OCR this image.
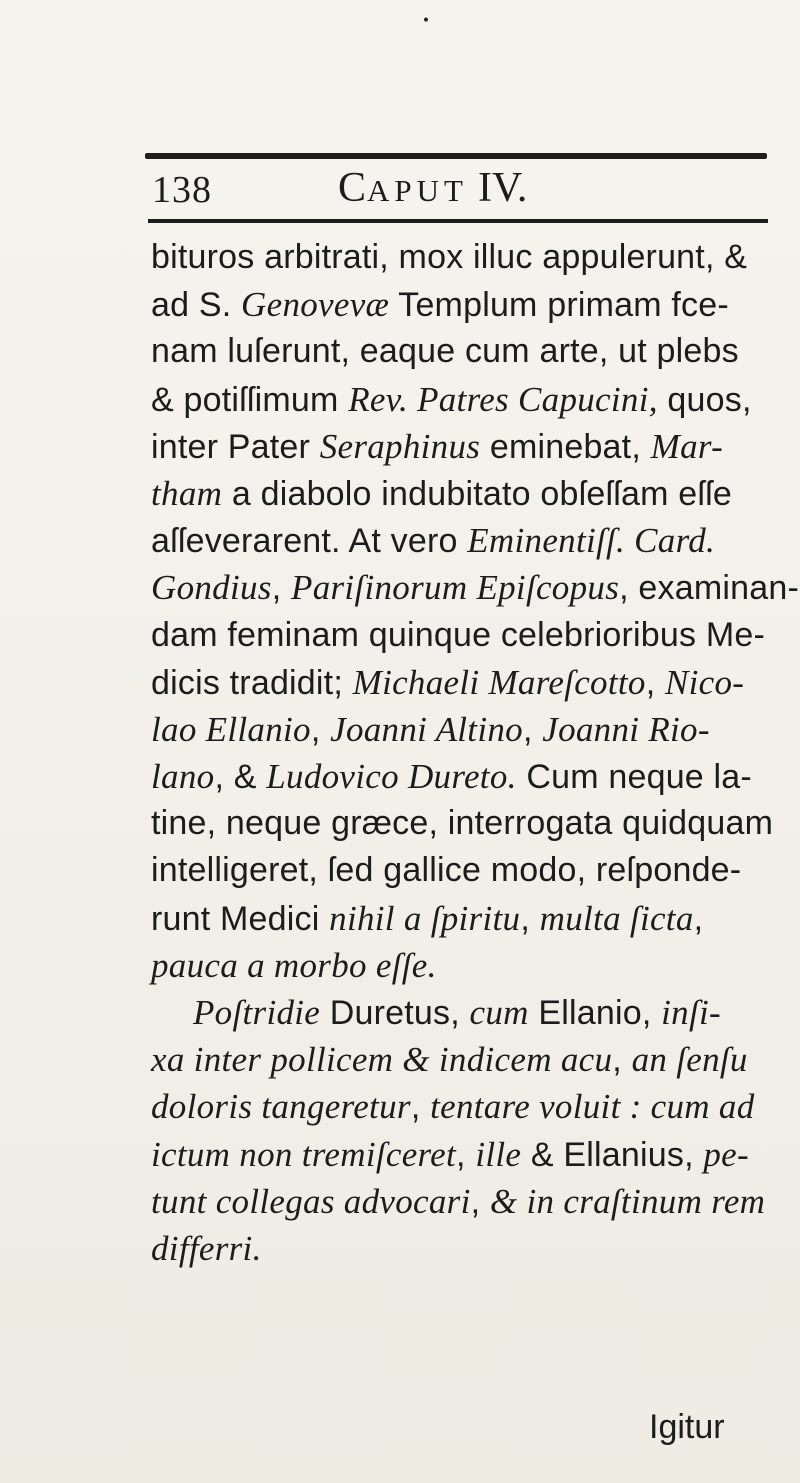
•
138	CAPUT IV.
bituros arbitrati, mox illuc appulerunt, &
ad S. Genovevæ Templum primam fce-
nam luſerunt, eaque cum arte, ut plebs
& potiſſimum Rev. Patres Capucini, quos,
inter Pater Seraphinus eminebat, Mar-
tham a diabolo indubitato obſeſſam eſſe
aſſeverarent. At vero Eminentiſſ. Card.
Gondius, Pariſinorum Epiſcopus, examinan-
dam feminam quinque celebrioribus Me-
dicis tradidit; Michaeli Mareſcotto, Nico-
lao Ellanio, Joanni Altino, Joanni Rio-
lano, & Ludovico Dureto. Cum neque la-
tine, neque græce, interrogata quidquam
intelligeret, ſed gallice modo, reſponde-
runt Medici nihil a ſpiritu, multa ſicta,
pauca a morbo eſſe.
Poſtridie Duretus, cum Ellanio, inſi-
xa inter pollicem & indicem acu, an ſenſu
doloris tangeretur, tentare voluit : cum ad
ictum non tremiſceret, ille & Ellanius, pe-
tunt collegas advocari, & in craſtinum rem
differri.
Igitur
